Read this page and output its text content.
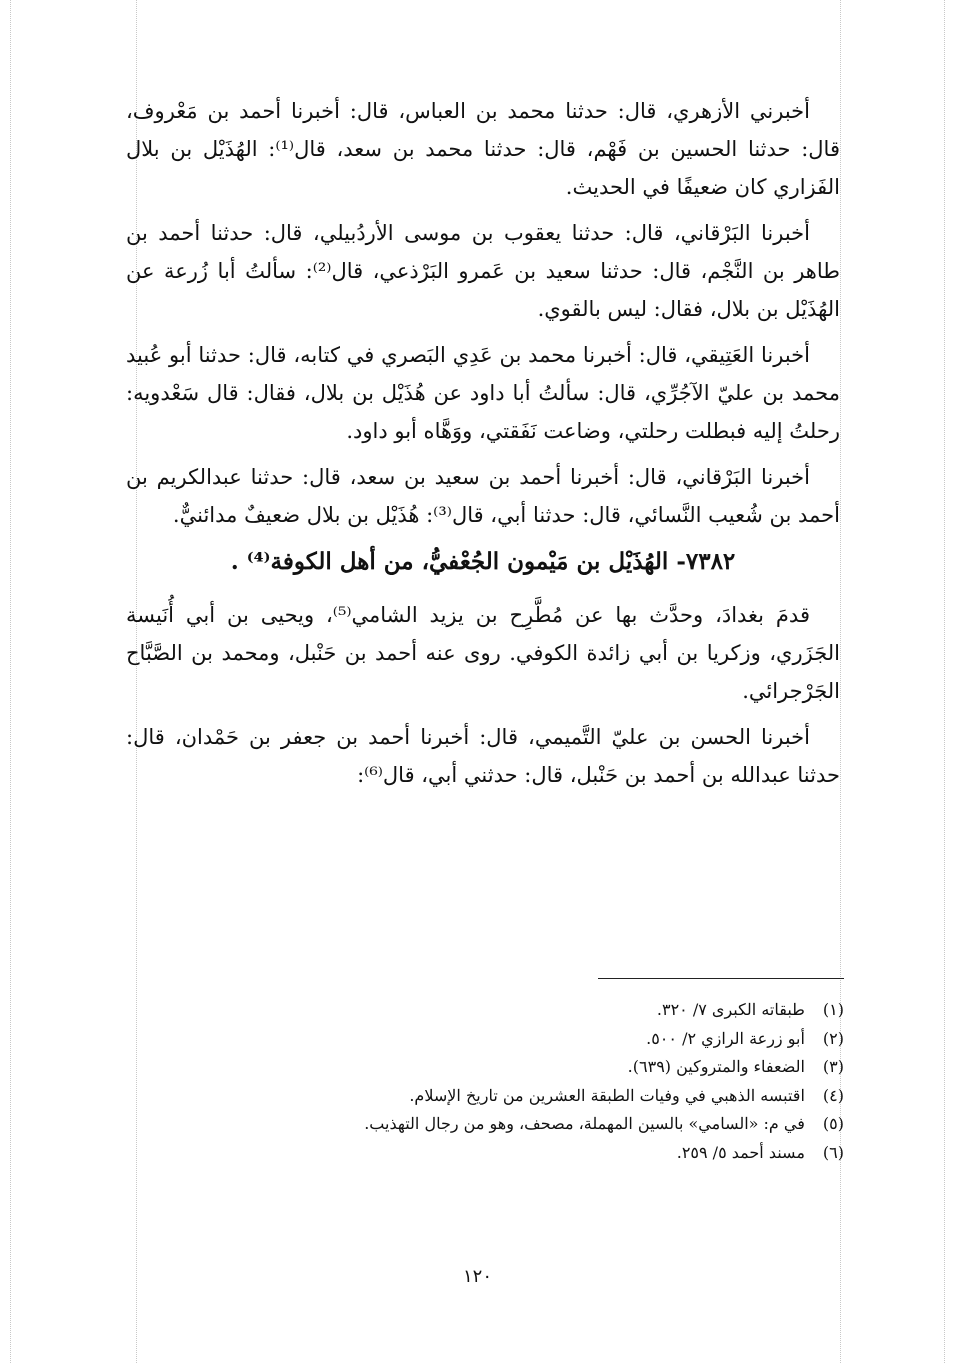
أخبرني الأزهري، قال: حدثنا محمد بن العباس، قال: أخبرنا أحمد بن مَعْروف، قال: حدثنا الحسين بن فَهْم، قال: حدثنا محمد بن سعد، قال⁽¹⁾: الهُذَيْل بن بلال الفَزاري كان ضعيفًا في الحديث.

أخبرنا البَرْقاني، قال: حدثنا يعقوب بن موسى الأردُبيلي، قال: حدثنا أحمد بن طاهر بن النَّجْم، قال: حدثنا سعيد بن عَمرو البَرْذعي، قال⁽²⁾: سألتُ أبا زُرعة عن الهُذَيْل بن بلال، فقال: ليس بالقوي.

أخبرنا العَتِيقي، قال: أخبرنا محمد بن عَدِي البَصري في كتابه، قال: حدثنا أبو عُبيد محمد بن عليّ الآجُرِّي، قال: سألتُ أبا داود عن هُذَيْل بن بلال، فقال: قال سَعْدويه: رحلتُ إليه فبطلت رحلتي، وضاعت نَفَقتي، ووَهَّاه أبو داود.

أخبرنا البَرْقاني، قال: أخبرنا أحمد بن سعيد بن سعد، قال: حدثنا عبدالكريم بن أحمد بن شُعيب النَّسائي، قال: حدثنا أبي، قال⁽³⁾: هُذَيْل بن بلال ضعيفٌ مدائنيٌّ.

٧٣٨٢- الهُذَيْل بن مَيْمون الجُعْفيُّ، من أهل الكوفة⁽⁴⁾ .

قدمَ بغدادَ، وحدَّث بها عن مُطَّرِح بن يزيد الشامي⁽⁵⁾، ويحيى بن أبي أُنَيسة الجَزَري، وزكريا بن أبي زائدة الكوفي. روى عنه أحمد بن حَنْبل، ومحمد بن الصَّبَّاح الجَرْجرائي.

أخبرنا الحسن بن عليّ التَّميمي، قال: أخبرنا أحمد بن جعفر بن حَمْدان، قال: حدثنا عبدالله بن أحمد بن حَنْبل، قال: حدثني أبي، قال⁽⁶⁾:

(١) طبقاته الكبرى ٧/ ٣٢٠.
(٢) أبو زرعة الرازي ٢/ ٥٠٠.
(٣) الضعفاء والمتروكين (٦٣٩).
(٤) اقتبسه الذهبي في وفيات الطبقة العشرين من تاريخ الإسلام.
(٥) في م: «السامي» بالسين المهملة، مصحف، وهو من رجال التهذيب.
(٦) مسند أحمد ٥/ ٢٥٩.
١٢٠
